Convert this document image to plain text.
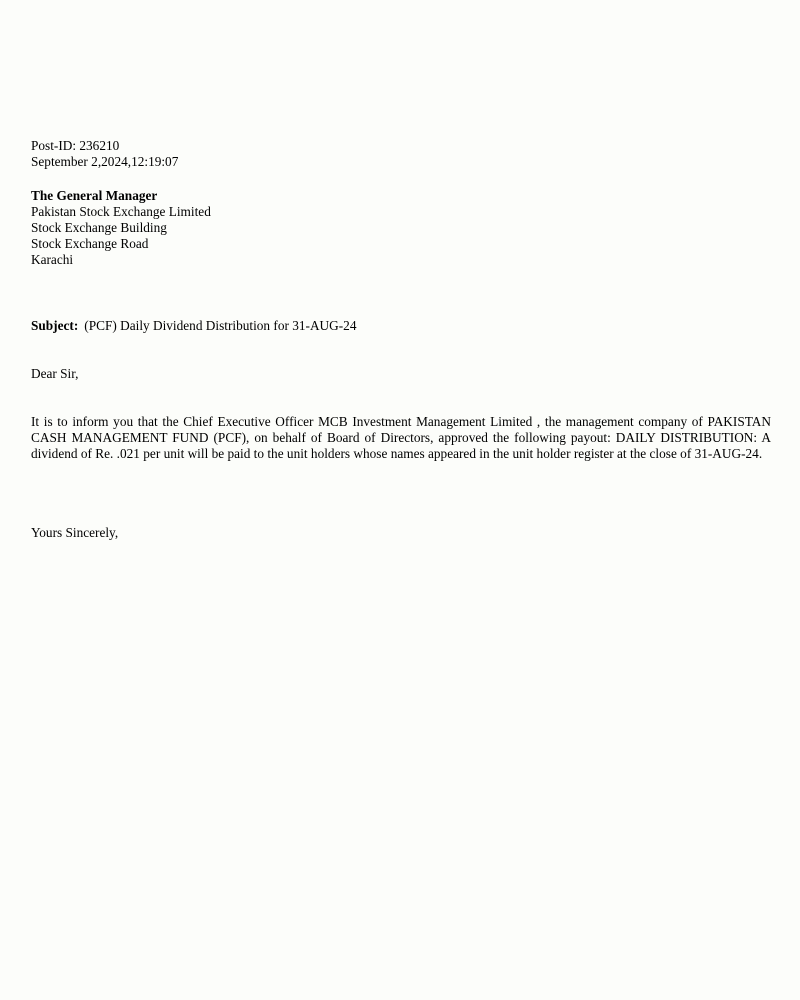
Post-ID: 236210
September 2,2024,12:19:07
The General Manager
Pakistan Stock Exchange Limited
Stock Exchange Building
Stock Exchange Road
Karachi
Subject: (PCF) Daily Dividend Distribution for 31-AUG-24
Dear Sir,
It is to inform you that the Chief Executive Officer MCB Investment Management Limited , the management company of PAKISTAN CASH MANAGEMENT FUND (PCF), on behalf of Board of Directors, approved the following payout: DAILY DISTRIBUTION: A dividend of Re. .021 per unit will be paid to the unit holders whose names appeared in the unit holder register at the close of 31-AUG-24.
Yours Sincerely,
